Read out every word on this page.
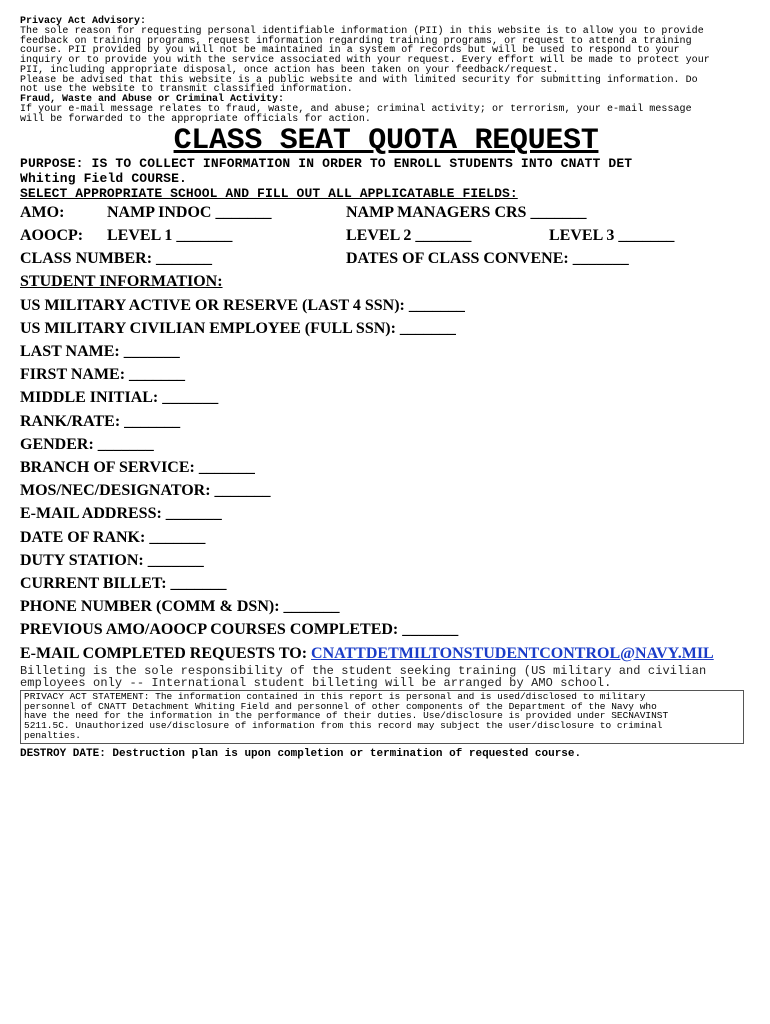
Privacy Act Advisory:
The sole reason for requesting personal identifiable information (PII) in this website is to allow you to provide
feedback on training programs, request information regarding training programs, or request to attend a training
course. PII provided by you will not be maintained in a system of records but will be used to respond to your
inquiry or to provide you with the service associated with your request. Every effort will be made to protect your
PII, including appropriate disposal, once action has been taken on your feedback/request.
Please be advised that this website is a public website and with limited security for submitting information. Do
not use the website to transmit classified information.
Fraud, Waste and Abuse or Criminal Activity:
If your e-mail message relates to fraud, waste, and abuse; criminal activity; or terrorism, your e-mail message
will be forwarded to the appropriate officials for action.
CLASS SEAT QUOTA REQUEST
PURPOSE: IS TO COLLECT INFORMATION IN ORDER TO ENROLL STUDENTS INTO CNATT DET
Whiting Field COURSE.
SELECT APPROPRIATE SCHOOL AND FILL OUT ALL APPLICATABLE FIELDS:
AMO:	NAMP INDOC _______	NAMP MANAGERS CRS _______
AOOCP: LEVEL 1 _______	LEVEL 2 _______	LEVEL 3 _______
CLASS NUMBER: _______	DATES OF CLASS CONVENE: _______
STUDENT INFORMATION:
US MILITARY ACTIVE OR RESERVE (LAST 4 SSN): _______
US MILITARY CIVILIAN EMPLOYEE (FULL SSN): _______
LAST NAME: _______
FIRST NAME: _______
MIDDLE INITIAL: _______
RANK/RATE: _______
GENDER: _______
BRANCH OF SERVICE: _______
MOS/NEC/DESIGNATOR: _______
E-MAIL ADDRESS: _______
DATE OF RANK: _______
DUTY STATION: _______
CURRENT BILLET: _______
PHONE NUMBER (COMM & DSN): _______
PREVIOUS AMO/AOOCP COURSES COMPLETED: _______
E-MAIL COMPLETED REQUESTS TO: CNATTDETMILTONSTUDENTCONTROL@NAVY.MIL
Billeting is the sole responsibility of the student seeking training (US military and civilian
employees only -- International student billeting will be arranged by AMO school.
PRIVACY ACT STATEMENT: The information contained in this report is personal and is used/disclosed to military
personnel of CNATT Detachment Whiting Field and personnel of other components of the Department of the Navy who
have the need for the information in the performance of their duties. Use/disclosure is provided under SECNAVINST
5211.5C. Unauthorized use/disclosure of information from this record may subject the user/disclosure to criminal
penalties.
DESTROY DATE: Destruction plan is upon completion or termination of requested course.
